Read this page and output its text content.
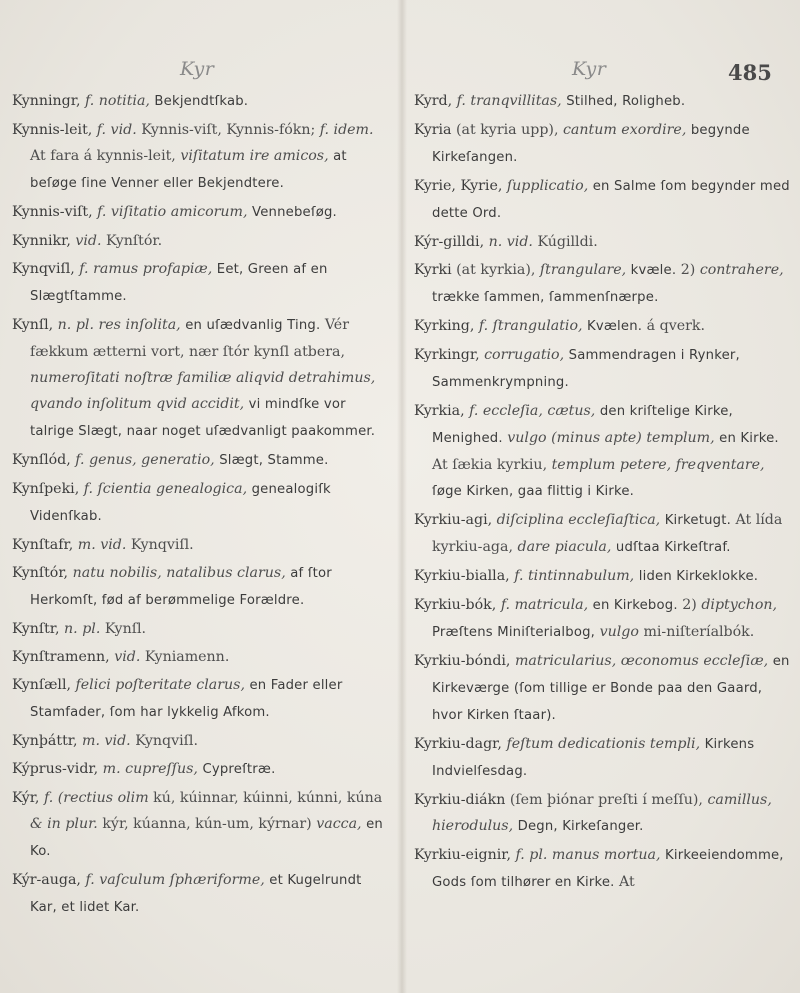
Kyr	Kyr	485

Kynningr, f. notitia, Bekjendtſkab.

Kynnis-leit, f. vid. Kynnis-viſt, Kynnis-fókn; f. idem. At fara á kynnis-leit, viſitatum ire amicos, at beſøge ſine Venner eller Bekjendtere.

Kynnis-viſt, f. viſitatio amicorum, Vennebeſøg.

Kynnikr, vid. Kynſtór.

Kynqviſl, f. ramus profapiæ, Eet, Green af en Slægtſtamme.

Kynſl, n. pl. res inſolita, en uſædvanlig Ting. Vér fækkum ætterni vort, nær ſtór kynſl atbera, numeroſitati noſtræ familiæ aliqvid detrahimus, qvando inſolitum qvid accidit, vi mindſke vor talrige Slægt, naar noget uſædvanligt paakommer.

Kynſlód, f. genus, generatio, Slægt, Stamme.

Kynſpeki, f. ſcientia genealogica, genealogiſk Videnſkab.

Kynſtafr, m. vid. Kynqviſl.

Kynſtór, natu nobilis, natalibus clarus, af ſtor Herkomſt, fød af berømmelige Forældre.

Kynſtr, n. pl. Kynſl.

Kynſtramenn, vid. Kyniamenn.

Kynſæll, felici poſteritate clarus, en Fader eller Stamfader, ſom har lykkelig Afkom.

Kynþáttr, m. vid. Kynqviſl.

Kýprus-vidr, m. cupreſſus, Cypreſtræ.

Kýr, f. (rectius olim kú, kúinnar, kúinni, kúnni, kúna & in plur. kýr, kúanna, kún-um, kýrnar) vacca, en Ko.

Kýr-auga, f. vaſculum ſphæriforme, et Kugelrundt Kar, et lidet Kar.

Kyrd, f. tranqvillitas, Stilhed, Roligheb.

Kyria (at kyria upp), cantum exordire, begynde Kirkeſangen.

Kyrie, Kyrie, ſupplicatio, en Salme ſom begynder med dette Ord.

Kýr-gilldi, n. vid. Kúgilldi.

Kyrki (at kyrkia), ſtrangulare, kvæle. 2) contrahere, trække ſammen, ſammenſnærpe.

Kyrking, f. ſtrangulatio, Kvælen. á qverk.

Kyrkingr, corrugatio, Sammendragen i Rynker, Sammenkrympning.

Kyrkia, f. eccleſia, cætus, den kriſtelige Kirke, Menighed. vulgo (minus apte) templum, en Kirke. At ſækia kyrkiu, templum petere, freqventare, ſøge Kirken, gaa flittig i Kirke.

Kyrkiu-agi, diſciplina eccleſiaſtica, Kirketugt. At lída kyrkiu-aga, dare piacula, udſtaa Kirkeſtraf.

Kyrkiu-bialla, f. tintinnabulum, liden Kirkeklokke.

Kyrkiu-bók, f. matricula, en Kirkebog. 2) diptychon, Præſtens Miniſterialbog, vulgo mi-niſteríalbók.

Kyrkiu-bóndi, matricularius, œconomus eccleſiæ, en Kirkeværge (ſom tillige er Bonde paa den Gaard, hvor Kirken ſtaar).

Kyrkiu-dagr, feſtum dedicationis templi, Kirkens Indvielſesdag.

Kyrkiu-diákn (ſem þiónar preſti í meſſu), camillus, hierodulus, Degn, Kirkeſanger.

Kyrkiu-eignir, f. pl. manus mortua, Kirkeeiendomme, Gods ſom tilhører en Kirke. At
